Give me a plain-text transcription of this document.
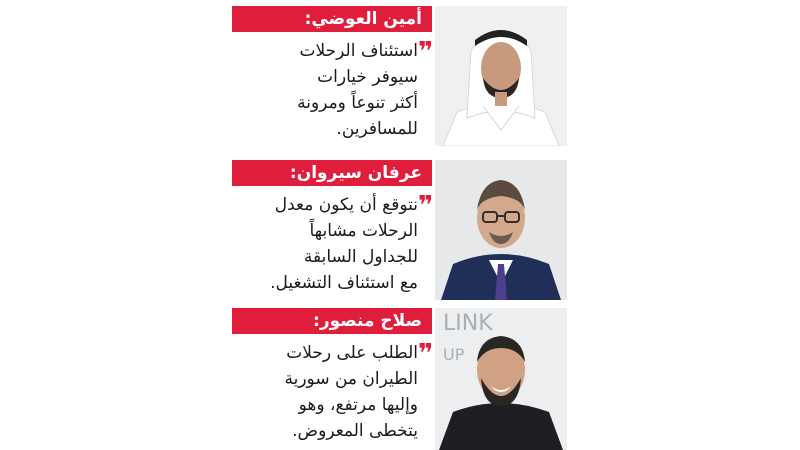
أمين العوضي:
❞
استئناف الرحلات
سيوفر خيارات
أكثر تنوعاً ومرونة
للمسافرين.
عرفان سيروان:
❞
نتوقع أن يكون معدل
الرحلات مشابهاً
للجداول السابقة
مع استئناف التشغيل.
صلاح منصور:
❞
الطلب على رحلات
الطيران من سورية
وإليها مرتفع، وهو
يتخطى المعروض.
LINK
UP
